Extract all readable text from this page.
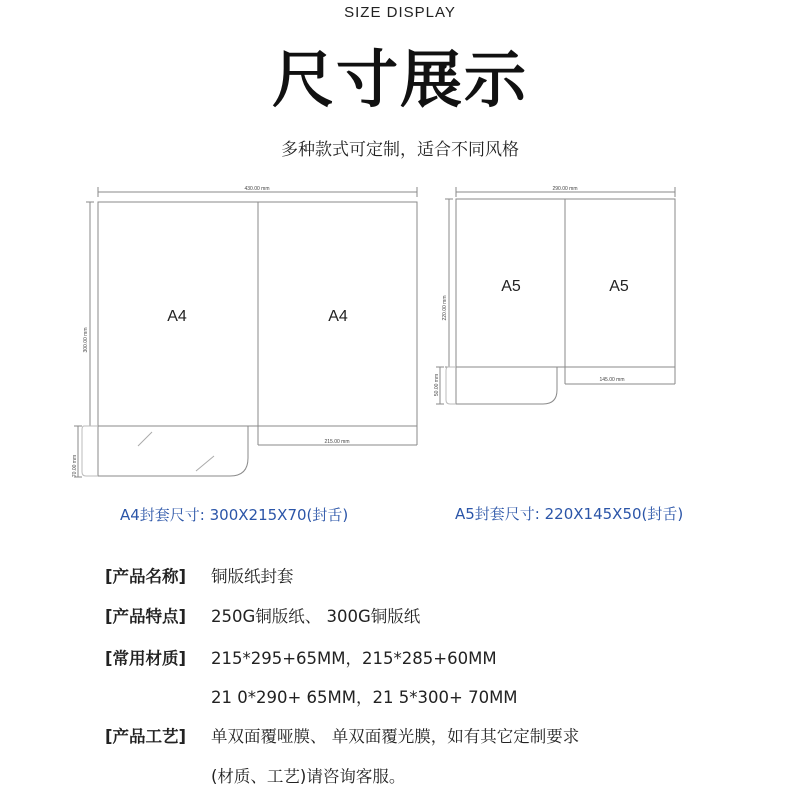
SIZE DISPLAY
尺寸展示
多种款式可定制，适合不同风格
430.00 mm
300.00 mm
70.00 mm
215.00 mm
A4	A4
290.00 mm
220.00 mm
50.00 mm	145.00 mm
A5	A5
A4封套尺寸: 300X215X70(封舌)	A5封套尺寸: 220X145X50(封舌)
[产品名称] 铜版纸封套
[产品特点] 250G铜版纸、 300G铜版纸
[常用材质] 215*295+65MM，215*285+60MM
21 0*290+ 65MM，21 5*300+ 70MM
[产品工艺] 单双面覆哑膜、 单双面覆光膜，如有其它定制要求
(材质、工艺)请咨询客服。
